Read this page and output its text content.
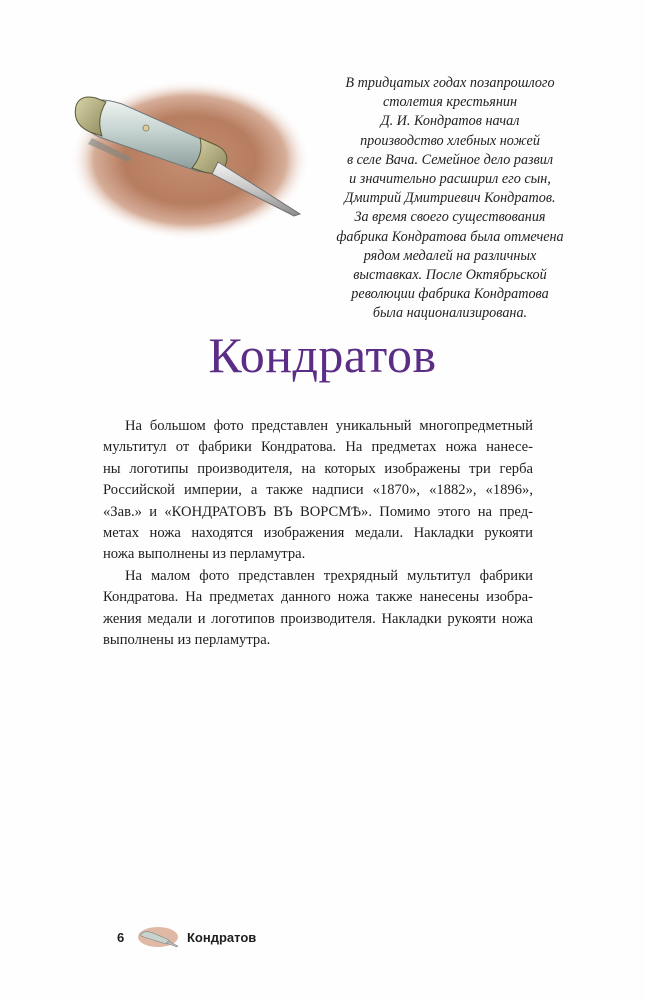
В тридцатых годах позапрошлого
столетия крестьянин
Д. И. Кондратов начал
производство хлебных ножей
в селе Вача. Семейное дело развил
и значительно расширил его сын,
Дмитрий Дмитриевич Кондратов.
За время своего существования
фабрика Кондратова была отмечена
рядом медалей на различных
выставках. После Октябрьской
революции фабрика Кондратова
была национализирована.
Кондратов
На большом фото представлен уникальный многопредметный
мультитул от фабрики Кондратова. На предметах ножа нанесе-
ны логотипы производителя, на которых изображены три герба
Российской империи, а также надписи «1870», «1882», «1896»,
«Зав.» и «КОНДРАТОВЪ ВЪ ВОРСМѢ». Помимо этого на пред-
метах ножа находятся изображения медали. Накладки рукояти
ножа выполнены из перламутра.
На малом фото представлен трехрядный мультитул фабрики
Кондратова. На предметах данного ножа также нанесены изобра-
жения медали и логотипов производителя. Накладки рукояти ножа
выполнены из перламутра.
6	Кондратов
